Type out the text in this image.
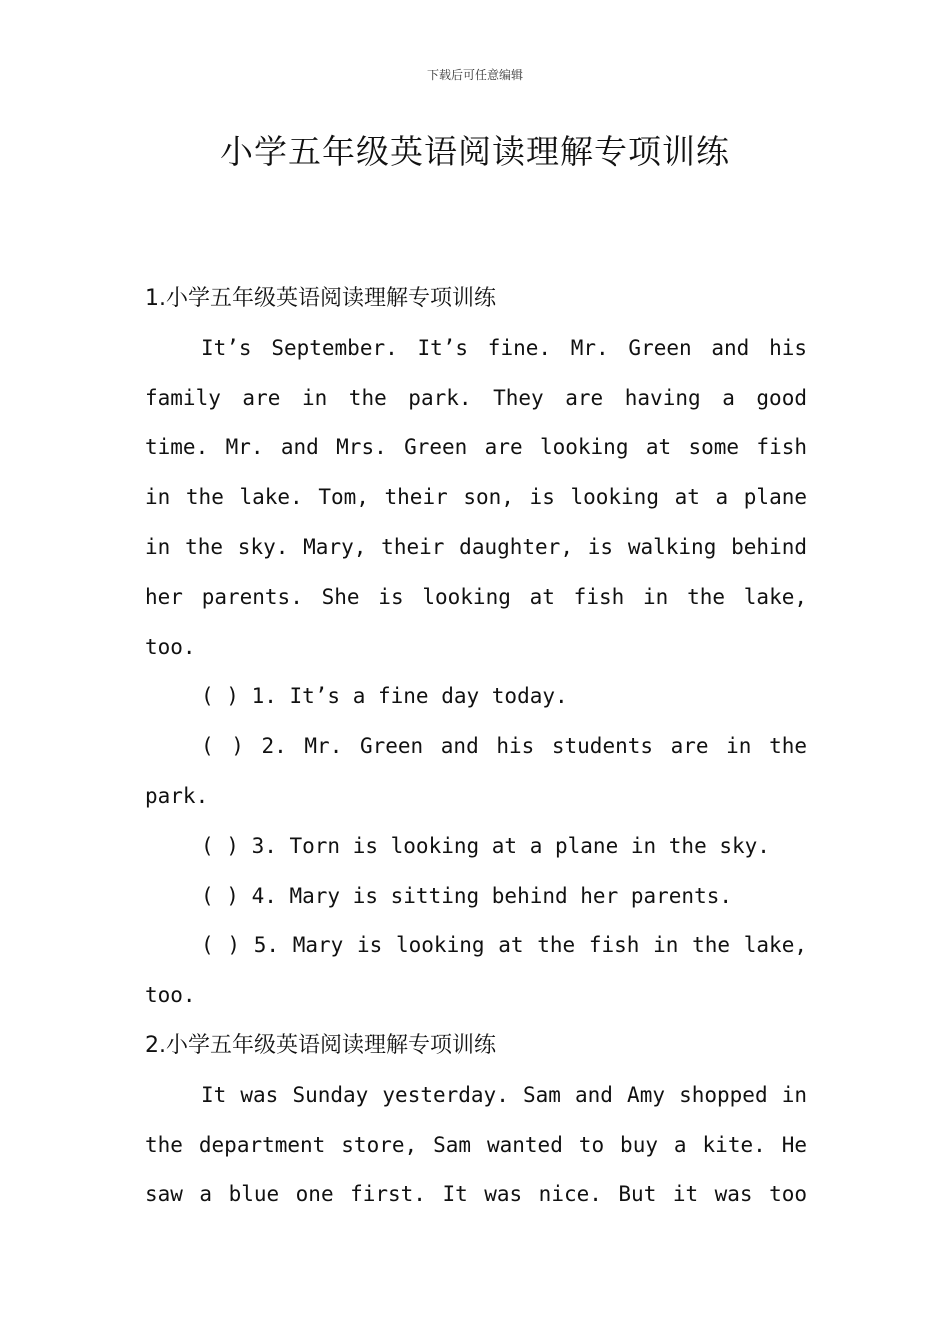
下载后可任意编辑
小学五年级英语阅读理解专项训练
1.小学五年级英语阅读理解专项训练
It’s September. It’s fine. Mr. Green and his
family are in the park. They are having a good
time. Mr. and Mrs. Green are looking at some fish
in the lake. Tom, their son, is looking at a plane
in the sky. Mary, their daughter, is walking behind
her parents. She is looking at fish in the lake,
too.
( ) 1. It’s a fine day today.
( ) 2. Mr. Green and his students are in the
park.
( ) 3. Torn is looking at a plane in the sky.
( ) 4. Mary is sitting behind her parents.
( ) 5. Mary is looking at the fish in the lake,
too.
2.小学五年级英语阅读理解专项训练
It was Sunday yesterday. Sam and Amy shopped in
the department store, Sam wanted to buy a kite. He
saw a blue one first. It was nice. But it was too
